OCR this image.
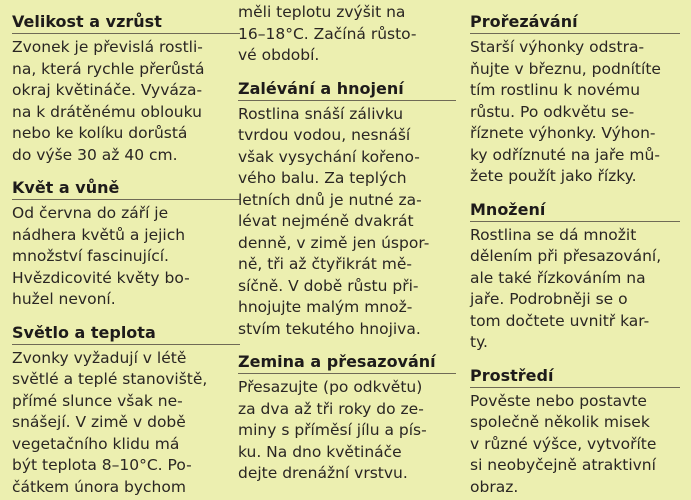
Velikost a vzrůst
Zvonek je převislá rostli-
na, která rychle přerůstá
okraj květináče. Vyváza-
na k drátěnému oblouku
nebo ke kolíku dorůstá
do výše 30 až 40 cm.
Květ a vůně
Od června do září je
nádhera květů a jejich
množství fascinující.
Hvězdicovité květy bo-
hužel nevoní.
Světlo a teplota
Zvonky vyžadují v létě
světlé a teplé stanoviště,
přímé slunce však ne-
snášejí. V zimě v době
vegetačního klidu má
být teplota 8–10°C. Po-
čátkem února bychom
měli teplotu zvýšit na
16–18°C. Začíná růsto-
vé období.
Zalévání a hnojení
Rostlina snáší zálivku
tvrdou vodou, nesnáší
však vysychání kořeno-
vého balu. Za teplých
letních dnů je nutné za-
lévat nejméně dvakrát
denně, v zimě jen úspor-
ně, tři až čtyřikrát mě-
síčně. V době růstu při-
hnojujte malým množ-
stvím tekutého hnojiva.
Zemina a přesazování
Přesazujte (po odkvětu)
za dva až tři roky do ze-
miny s příměsí jílu a pís-
ku. Na dno květináče
dejte drenážní vrstvu.
Prořezávání
Starší výhonky odstra-
ňujte v březnu, podnítíte
tím rostlinu k novému
růstu. Po odkvětu se-
říznete výhonky. Výhon-
ky odříznuté na jaře mů-
žete použít jako řízky.
Množení
Rostlina se dá množit
dělením při přesazování,
ale také řízkováním na
jaře. Podrobněji se o
tom dočtete uvnitř kar-
ty.
Prostředí
Pověste nebo postavte
společně několik misek
v různé výšce, vytvoříte
si neobyčejně atraktivní
obraz.
